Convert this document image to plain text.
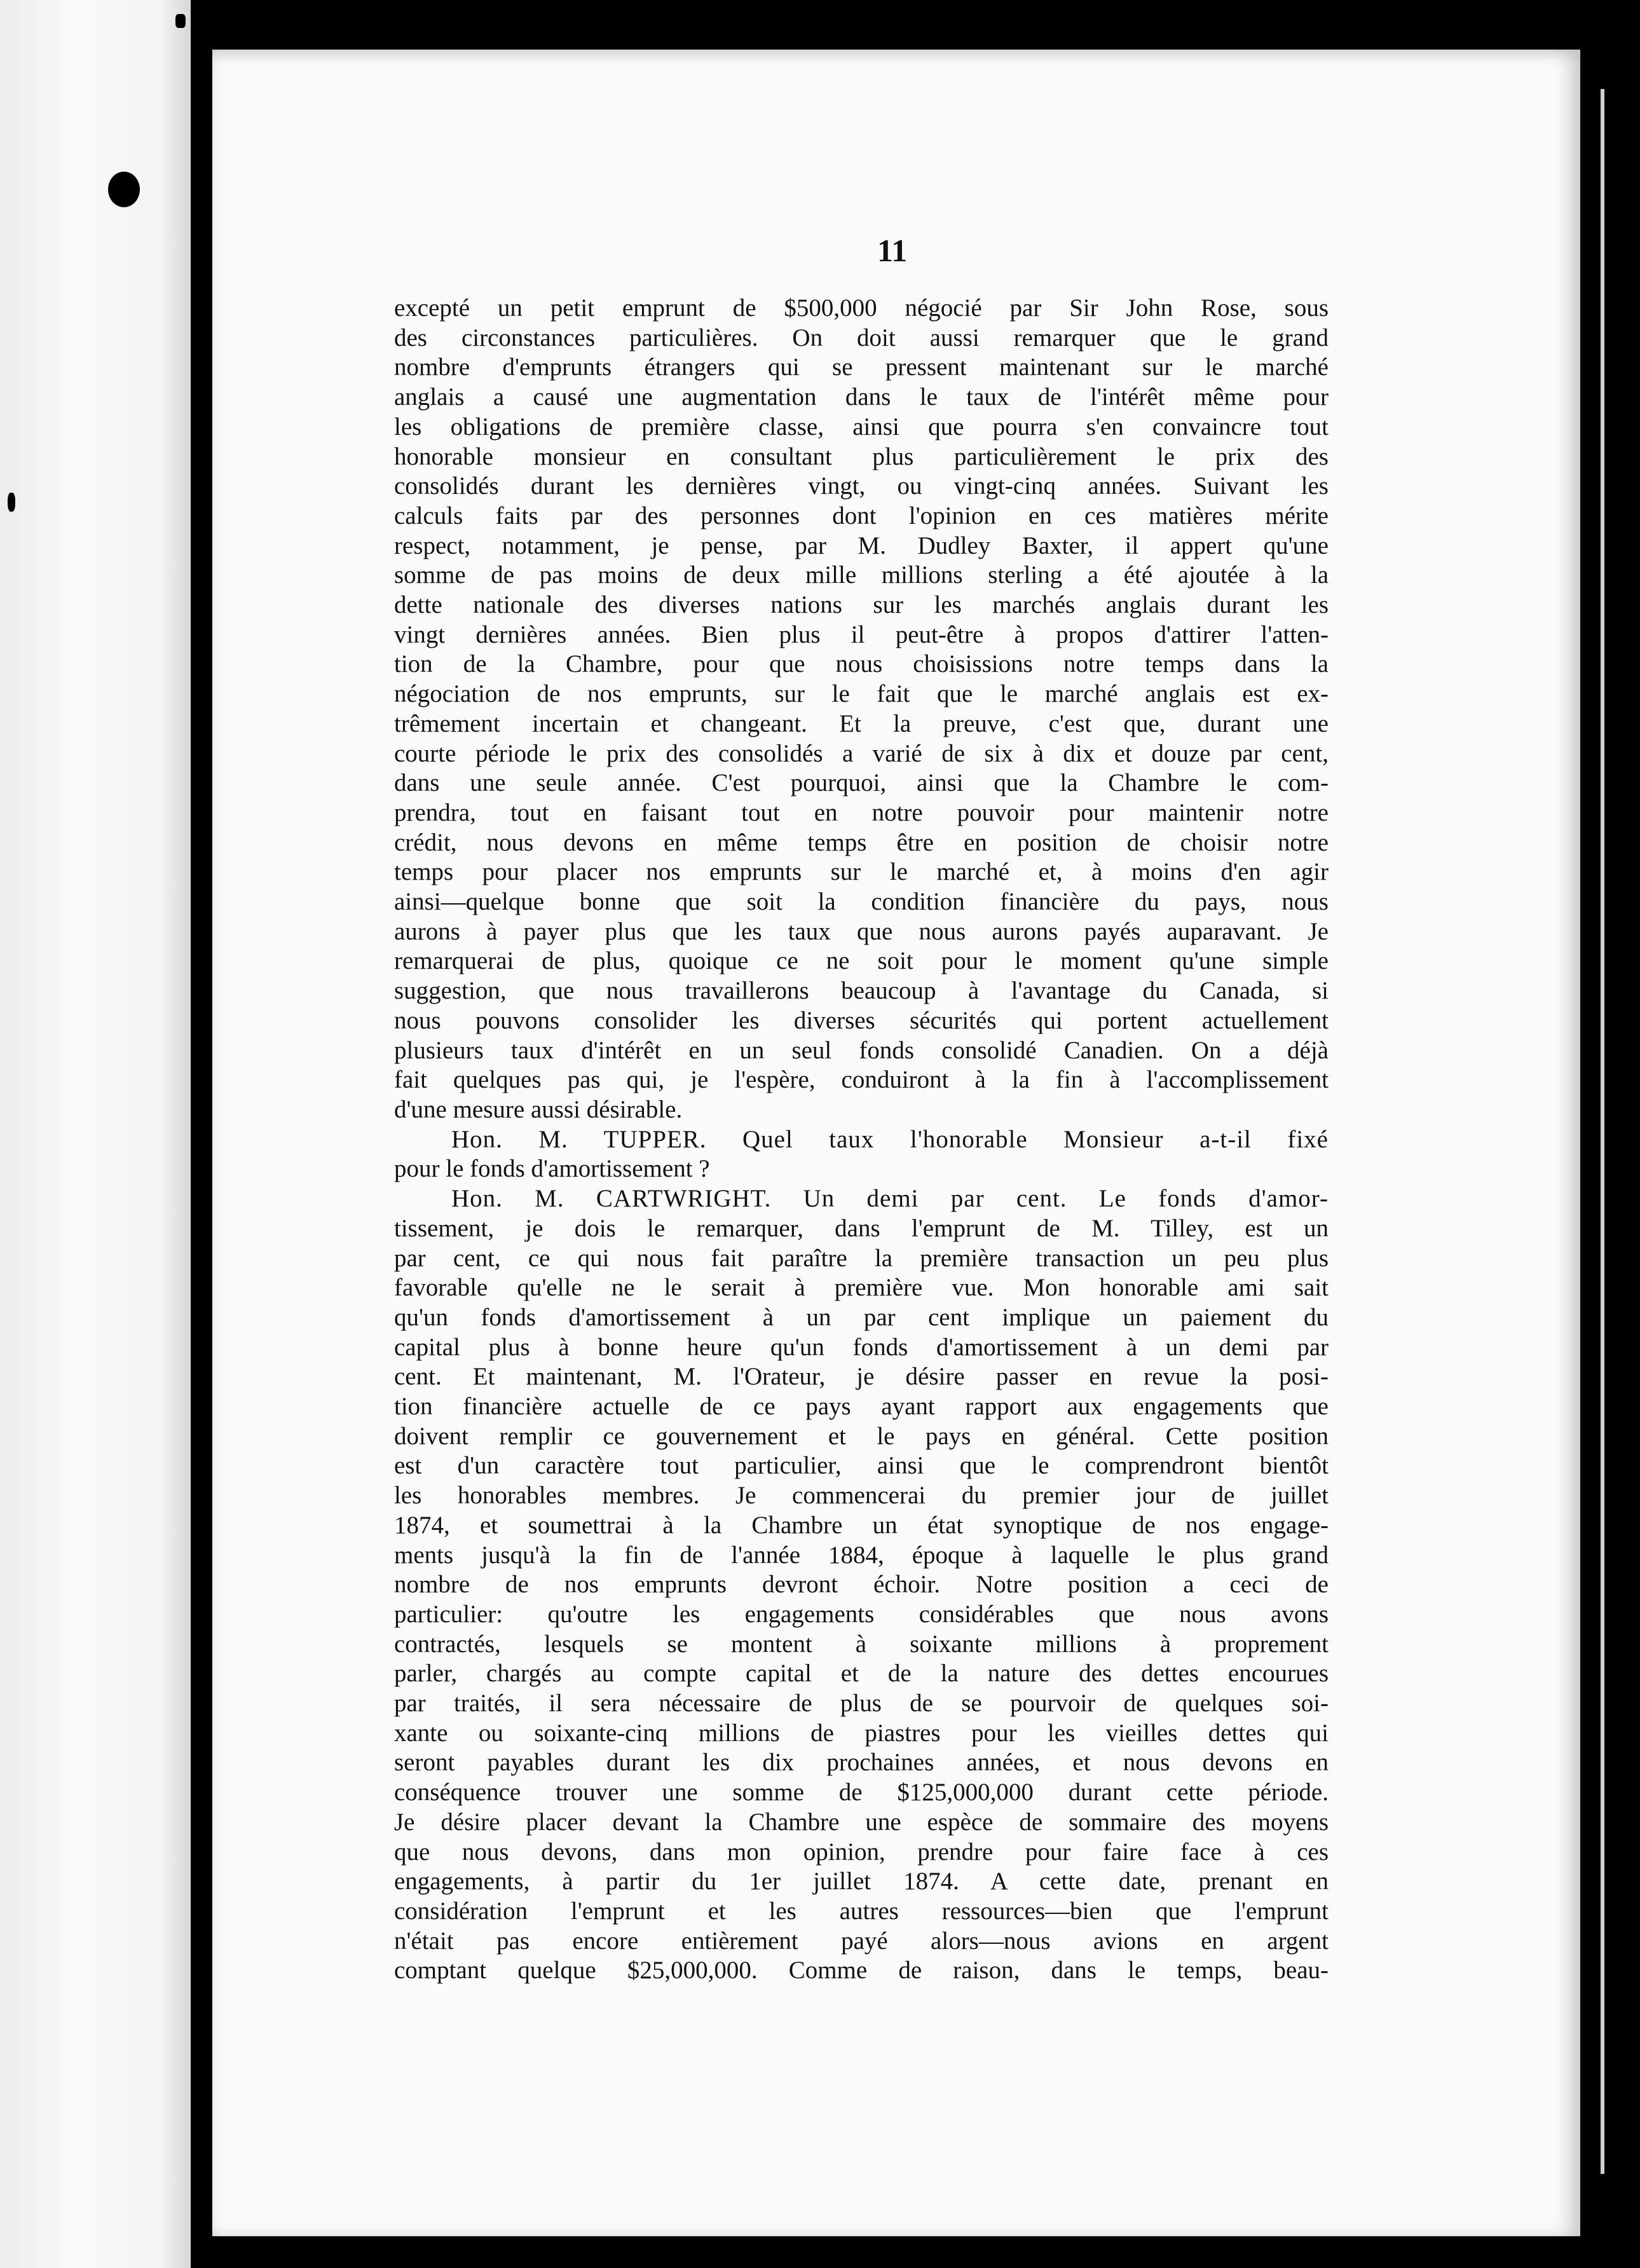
11
excepté un petit emprunt de $500,000 négocié par Sir John Rose, sous
des circonstances particulières. On doit aussi remarquer que le grand
nombre d'emprunts étrangers qui se pressent maintenant sur le marché
anglais a causé une augmentation dans le taux de l'intérêt même pour
les obligations de première classe, ainsi que pourra s'en convaincre tout
honorable monsieur en consultant plus particulièrement le prix des
consolidés durant les dernières vingt, ou vingt-cinq années. Suivant les
calculs faits par des personnes dont l'opinion en ces matières mérite
respect, notamment, je pense, par M. Dudley Baxter, il appert qu'une
somme de pas moins de deux mille millions sterling a été ajoutée à la
dette nationale des diverses nations sur les marchés anglais durant les
vingt dernières années. Bien plus il peut-être à propos d'attirer l'atten-
tion de la Chambre, pour que nous choisissions notre temps dans la
négociation de nos emprunts, sur le fait que le marché anglais est ex-
trêmement incertain et changeant. Et la preuve, c'est que, durant une
courte période le prix des consolidés a varié de six à dix et douze par cent,
dans une seule année. C'est pourquoi, ainsi que la Chambre le com-
prendra, tout en faisant tout en notre pouvoir pour maintenir notre
crédit, nous devons en même temps être en position de choisir notre
temps pour placer nos emprunts sur le marché et, à moins d'en agir
ainsi—quelque bonne que soit la condition financière du pays, nous
aurons à payer plus que les taux que nous aurons payés auparavant. Je
remarquerai de plus, quoique ce ne soit pour le moment qu'une simple
suggestion, que nous travaillerons beaucoup à l'avantage du Canada, si
nous pouvons consolider les diverses sécurités qui portent actuellement
plusieurs taux d'intérêt en un seul fonds consolidé Canadien. On a déjà
fait quelques pas qui, je l'espère, conduiront à la fin à l'accomplissement
d'une mesure aussi désirable.
Hon. M. TUPPER. Quel taux l'honorable Monsieur a-t-il fixé
pour le fonds d'amortissement ?
Hon. M. CARTWRIGHT. Un demi par cent. Le fonds d'amor-
tissement, je dois le remarquer, dans l'emprunt de M. Tilley, est un
par cent, ce qui nous fait paraître la première transaction un peu plus
favorable qu'elle ne le serait à première vue. Mon honorable ami sait
qu'un fonds d'amortissement à un par cent implique un paiement du
capital plus à bonne heure qu'un fonds d'amortissement à un demi par
cent. Et maintenant, M. l'Orateur, je désire passer en revue la posi-
tion financière actuelle de ce pays ayant rapport aux engagements que
doivent remplir ce gouvernement et le pays en général. Cette position
est d'un caractère tout particulier, ainsi que le comprendront bientôt
les honorables membres. Je commencerai du premier jour de juillet
1874, et soumettrai à la Chambre un état synoptique de nos engage-
ments jusqu'à la fin de l'année 1884, époque à laquelle le plus grand
nombre de nos emprunts devront échoir. Notre position a ceci de
particulier: qu'outre les engagements considérables que nous avons
contractés, lesquels se montent à soixante millions à proprement
parler, chargés au compte capital et de la nature des dettes encourues
par traités, il sera nécessaire de plus de se pourvoir de quelques soi-
xante ou soixante-cinq millions de piastres pour les vieilles dettes qui
seront payables durant les dix prochaines années, et nous devons en
conséquence trouver une somme de $125,000,000 durant cette période.
Je désire placer devant la Chambre une espèce de sommaire des moyens
que nous devons, dans mon opinion, prendre pour faire face à ces
engagements, à partir du 1er juillet 1874. A cette date, prenant en
considération l'emprunt et les autres ressources—bien que l'emprunt
n'était pas encore entièrement payé alors—nous avions en argent
comptant quelque $25,000,000. Comme de raison, dans le temps, beau-
